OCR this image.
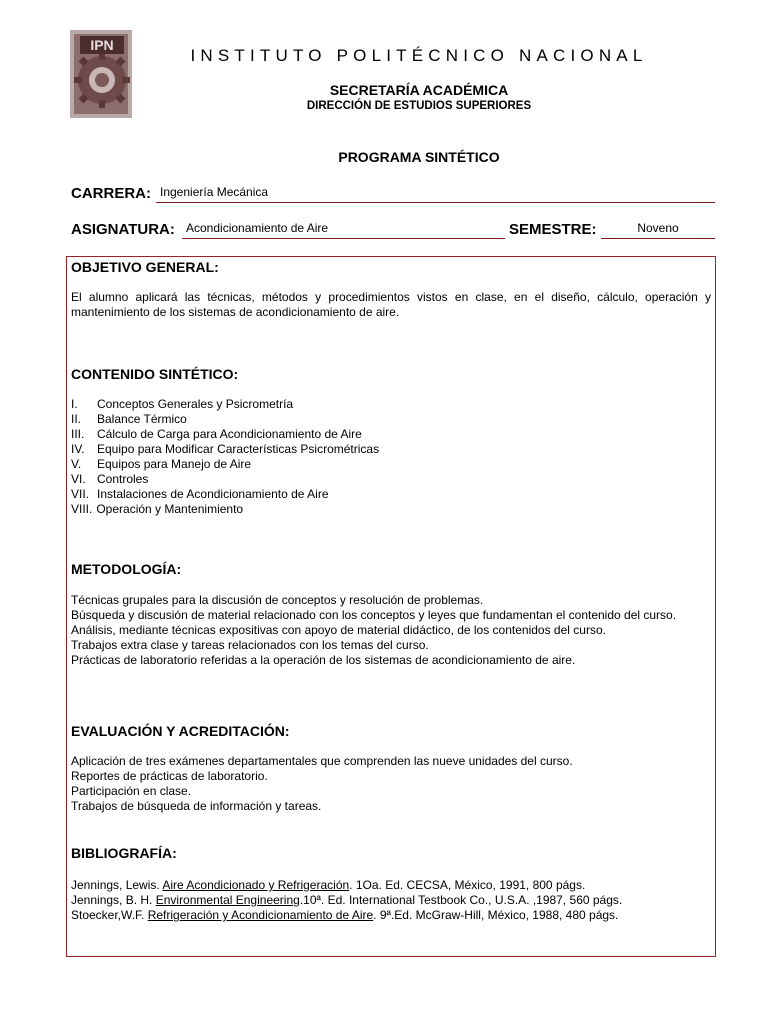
IPN
INSTITUTO POLITÉCNICO NACIONAL
SECRETARÍA ACADÉMICA
DIRECCIÓN DE ESTUDIOS SUPERIORES
PROGRAMA SINTÉTICO
CARRERA: Ingeniería Mecánica
ASIGNATURA: Acondicionamiento de Aire	SEMESTRE:	Noveno
OBJETIVO GENERAL:
El alumno aplicará las técnicas, métodos y procedimientos vistos en clase, en el diseño, cálculo, operación y mantenimiento de los sistemas de acondicionamiento de aire.
CONTENIDO SINTÉTICO:
I. Conceptos Generales y Psicrometría
II. Balance Térmico
III. Cálculo de Carga para Acondicionamiento de Aire
IV. Equipo para Modificar Características Psicrométricas
V. Equipos para Manejo de Aire
VI. Controles
VII. Instalaciones de Acondicionamiento de Aire
VIII. Operación y Mantenimiento
METODOLOGÍA:
Técnicas grupales para la discusión de conceptos y resolución de problemas.
Búsqueda y discusión de material relacionado con los conceptos y leyes que fundamentan el contenido del curso.
Análisis, mediante técnicas expositivas con apoyo de material didáctico, de los contenidos del curso.
Trabajos extra clase y tareas relacionados con los temas del curso.
Prácticas de laboratorio referidas a la operación de los sistemas de acondicionamiento de aire.
EVALUACIÓN Y ACREDITACIÓN:
Aplicación de tres exámenes departamentales que comprenden las nueve unidades del curso.
Reportes de prácticas de laboratorio.
Participación en clase.
Trabajos de búsqueda de información y tareas.
BIBLIOGRAFÍA:
Jennings, Lewis. Aire Acondicionado y Refrigeración. 1Oa. Ed. CECSA, México, 1991, 800 págs.
Jennings, B. H. Environmental Engineering.10ª. Ed. International Testbook Co., U.S.A. ,1987, 560 págs.
Stoecker,W.F. Refrigeración y Acondicionamiento de Aire. 9ª.Ed. McGraw-Hill, México, 1988, 480 págs.
